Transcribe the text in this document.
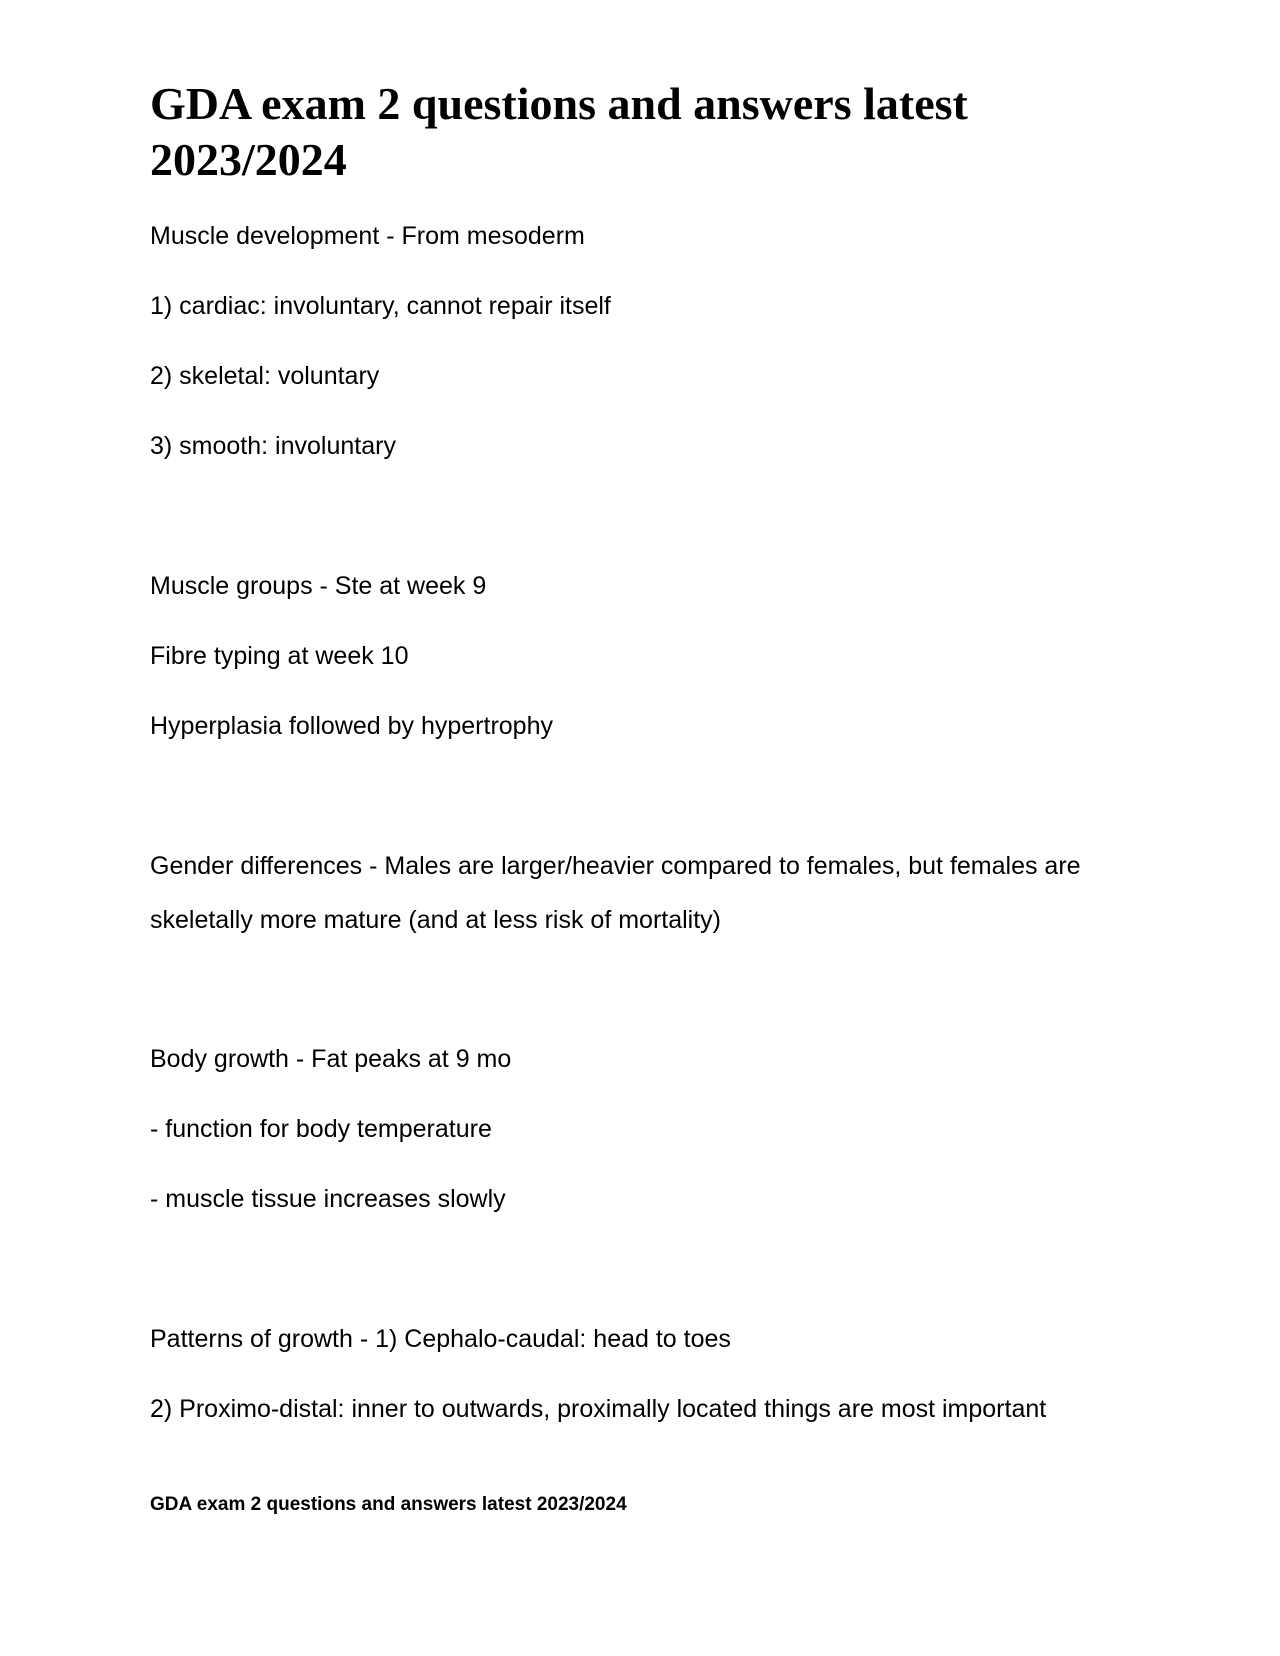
GDA exam 2 questions and answers latest 2023/2024

Muscle development - From mesoderm

1) cardiac: involuntary, cannot repair itself

2) skeletal: voluntary

3) smooth: involuntary

Muscle groups - Ste at week 9

Fibre typing at week 10

Hyperplasia followed by hypertrophy

Gender differences - Males are larger/heavier compared to females, but females are skeletally more mature (and at less risk of mortality)

Body growth - Fat peaks at 9 mo

- function for body temperature

- muscle tissue increases slowly

Patterns of growth - 1) Cephalo-caudal: head to toes

2) Proximo-distal: inner to outwards, proximally located things are most important

GDA exam 2 questions and answers latest 2023/2024
